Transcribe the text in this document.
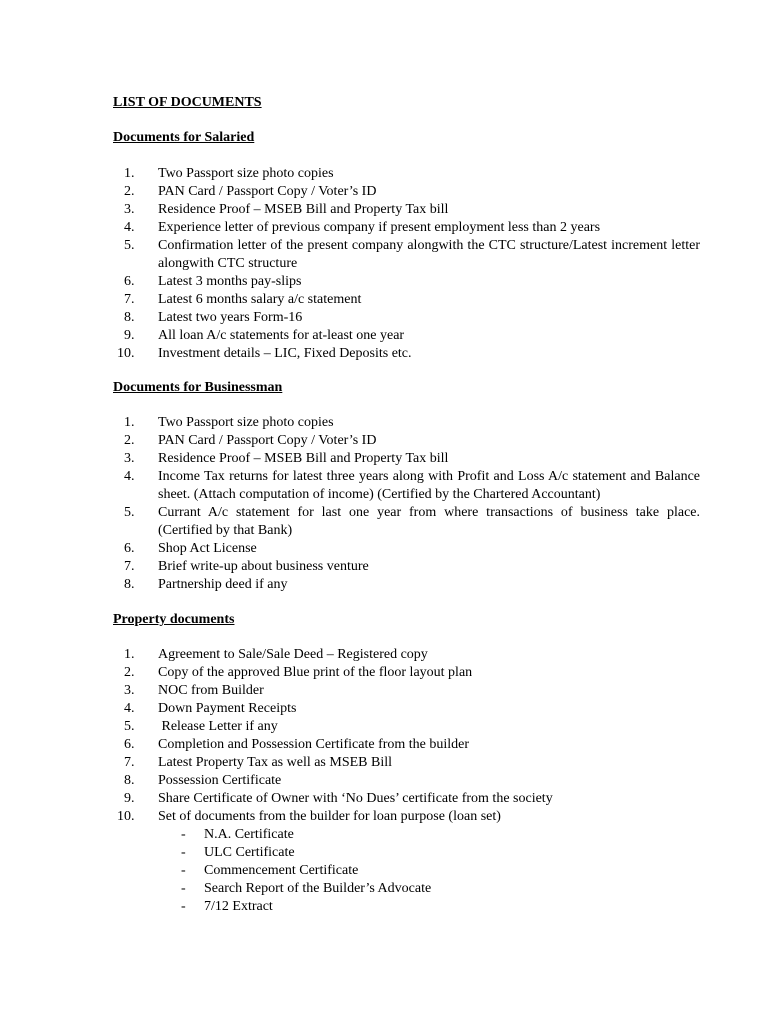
LIST OF DOCUMENTS
Documents for Salaried
1.	Two Passport size photo copies
2.	PAN Card / Passport Copy / Voter’s ID
3.	Residence Proof – MSEB Bill and Property Tax bill
4.	Experience letter of previous company if present employment less than 2 years
5.	Confirmation letter of the present company alongwith the CTC structure/Latest increment letter alongwith CTC structure
6.	Latest 3 months pay-slips
7.	Latest 6 months salary a/c statement
8.	Latest two years Form-16
9.	All loan A/c statements for at-least one year
10.	Investment details – LIC, Fixed Deposits etc.
Documents for Businessman
1.	Two Passport size photo copies
2.	PAN Card / Passport Copy / Voter’s ID
3.	Residence Proof – MSEB Bill and Property Tax bill
4.	Income Tax returns for latest three years along with Profit and Loss A/c statement and Balance sheet. (Attach computation of income) (Certified by the Chartered Accountant)
5.	Currant A/c statement for last one year from where transactions of business take place. (Certified by that Bank)
6.	Shop Act License
7.	Brief write-up about business venture
8.	Partnership deed if any
Property documents
1.	Agreement to Sale/Sale Deed – Registered copy
2.	Copy of the approved Blue print of the floor layout plan
3.	NOC from Builder
4.	Down Payment Receipts
5.	Release Letter if any
6.	Completion and Possession Certificate from the builder
7.	Latest Property Tax as well as MSEB Bill
8.	Possession Certificate
9.	Share Certificate of Owner with ‘No Dues’ certificate from the society
10.	Set of documents from the builder for loan purpose (loan set)
- N.A. Certificate
- ULC Certificate
- Commencement Certificate
- Search Report of the Builder’s Advocate
- 7/12 Extract
